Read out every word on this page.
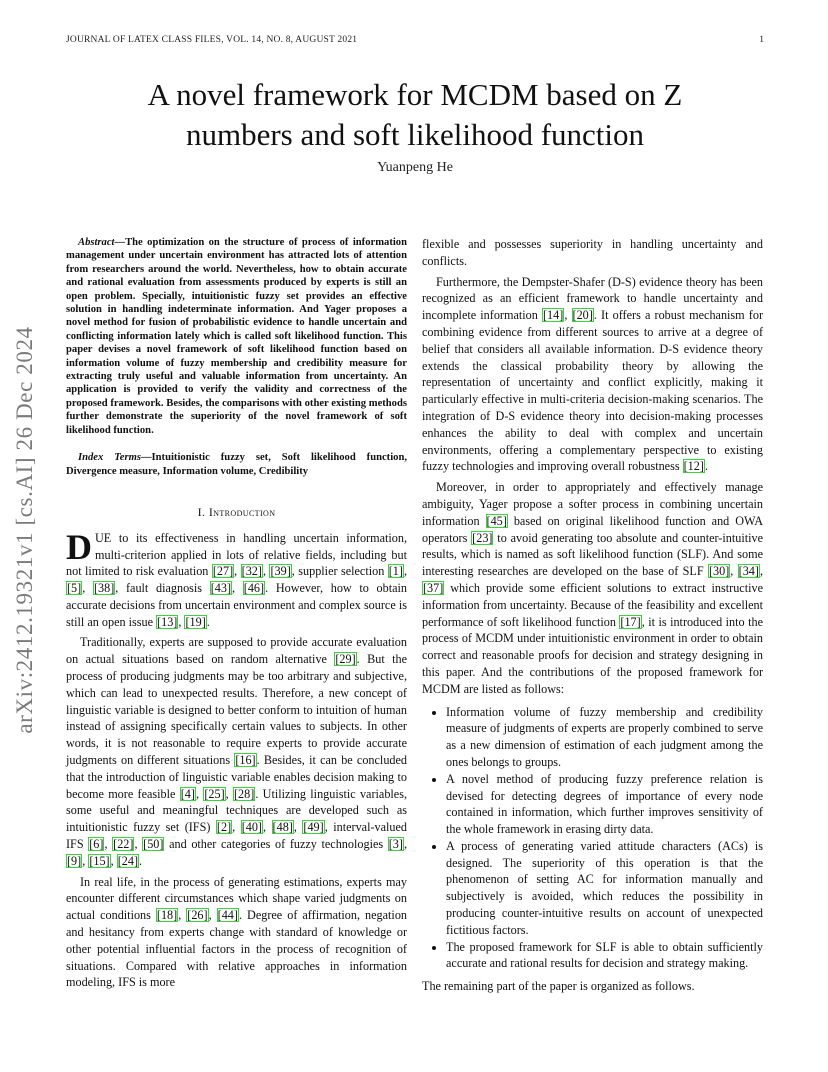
JOURNAL OF LATEX CLASS FILES, VOL. 14, NO. 8, AUGUST 2021	1
A novel framework for MCDM based on Z
numbers and soft likelihood function
Yuanpeng He
arXiv:2412.19321v1 [cs.AI] 26 Dec 2024

Abstract—The optimization on the structure of process of information management under uncertain environment has attracted lots of attention from researchers around the world. Nevertheless, how to obtain accurate and rational evaluation from assessments produced by experts is still an open problem. Specially, intuitionistic fuzzy set provides an effective solution in handling indeterminate information. And Yager proposes a novel method for fusion of probabilistic evidence to handle uncertain and conflicting information lately which is called soft likelihood function. This paper devises a novel framework of soft likelihood function based on information volume of fuzzy membership and credibility measure for extracting truly useful and valuable information from uncertainty. An application is provided to verify the validity and correctness of the proposed framework. Besides, the comparisons with other existing methods further demonstrate the superiority of the novel framework of soft likelihood function.

Index Terms—Intuitionistic fuzzy set, Soft likelihood function, Divergence measure, Information volume, Credibility

I. Introduction

DUE to its effectiveness in handling uncertain information, multi-criterion applied in lots of relative fields, including but not limited to risk evaluation [27], [32], [39], supplier selection [1], [5], [38], fault diagnosis [43], [46]. However, how to obtain accurate decisions from uncertain environment and complex source is still an open issue [13], [19].

Traditionally, experts are supposed to provide accurate evaluation on actual situations based on random alternative [29]. But the process of producing judgments may be too arbitrary and subjective, which can lead to unexpected results. Therefore, a new concept of linguistic variable is designed to better conform to intuition of human instead of assigning specifically certain values to subjects. In other words, it is not reasonable to require experts to provide accurate judgments on different situations [16]. Besides, it can be concluded that the introduction of linguistic variable enables decision making to become more feasible [4], [25], [28]. Utilizing linguistic variables, some useful and meaningful techniques are developed such as intuitionistic fuzzy set (IFS) [2], [40], [48], [49], interval-valued IFS [6], [22], [50] and other categories of fuzzy technologies [3], [9], [15], [24].

In real life, in the process of generating estimations, experts may encounter different circumstances which shape varied judgments on actual conditions [18], [26], [44]. Degree of affirmation, negation and hesitancy from experts change with standard of knowledge or other potential influential factors in the process of recognition of situations. Compared with relative approaches in information modeling, IFS is more

flexible and possesses superiority in handling uncertainty and conflicts.

Furthermore, the Dempster-Shafer (D-S) evidence theory has been recognized as an efficient framework to handle uncertainty and incomplete information [14], [20]. It offers a robust mechanism for combining evidence from different sources to arrive at a degree of belief that considers all available information. D-S evidence theory extends the classical probability theory by allowing the representation of uncertainty and conflict explicitly, making it particularly effective in multi-criteria decision-making scenarios. The integration of D-S evidence theory into decision-making processes enhances the ability to deal with complex and uncertain environments, offering a complementary perspective to existing fuzzy technologies and improving overall robustness [12].

Moreover, in order to appropriately and effectively manage ambiguity, Yager propose a softer process in combining uncertain information [45] based on original likelihood function and OWA operators [23] to avoid generating too absolute and counter-intuitive results, which is named as soft likelihood function (SLF). And some interesting researches are developed on the base of SLF [30], [34], [37] which provide some efficient solutions to extract instructive information from uncertainty. Because of the feasibility and excellent performance of soft likelihood function [17], it is introduced into the process of MCDM under intuitionistic environment in order to obtain correct and reasonable proofs for decision and strategy designing in this paper. And the contributions of the proposed framework for MCDM are listed as follows:

• Information volume of fuzzy membership and credibility measure of judgments of experts are properly combined to serve as a new dimension of estimation of each judgment among the ones belongs to groups.
• A novel method of producing fuzzy preference relation is devised for detecting degrees of importance of every node contained in information, which further improves sensitivity of the whole framework in erasing dirty data.
• A process of generating varied attitude characters (ACs) is designed. The superiority of this operation is that the phenomenon of setting AC for information manually and subjectively is avoided, which reduces the possibility in producing counter-intuitive results on account of unexpected fictitious factors.
• The proposed framework for SLF is able to obtain sufficiently accurate and rational results for decision and strategy making.

The remaining part of the paper is organized as follows.
